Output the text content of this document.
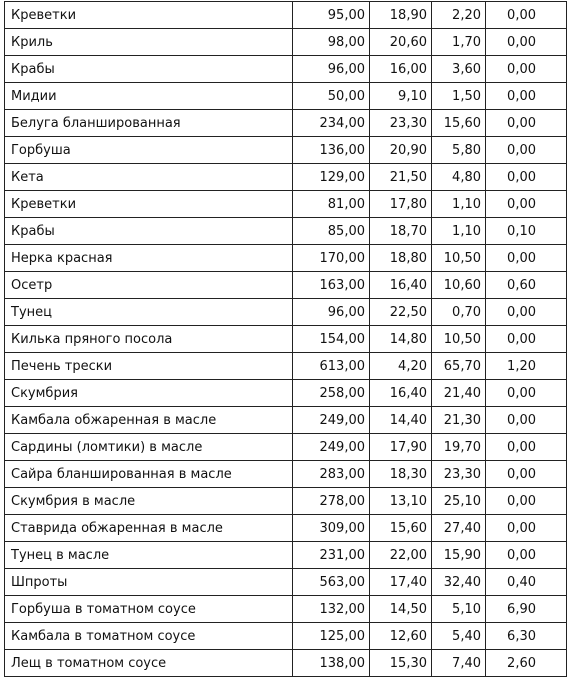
Креветки	95,00	18,90	2,20	0,00
Криль	98,00	20,60	1,70	0,00
Крабы	96,00	16,00	3,60	0,00
Мидии	50,00	9,10	1,50	0,00
Белуга бланшированная	234,00	23,30	15,60	0,00
Горбуша	136,00	20,90	5,80	0,00
Кета	129,00	21,50	4,80	0,00
Креветки	81,00	17,80	1,10	0,00
Крабы	85,00	18,70	1,10	0,10
Нерка красная	170,00	18,80	10,50	0,00
Осетр	163,00	16,40	10,60	0,60
Тунец	96,00	22,50	0,70	0,00
Килька пряного посола	154,00	14,80	10,50	0,00
Печень трески	613,00	4,20	65,70	1,20
Скумбрия	258,00	16,40	21,40	0,00
Камбала обжаренная в масле	249,00	14,40	21,30	0,00
Сардины (ломтики) в масле	249,00	17,90	19,70	0,00
Сайра бланшированная в масле	283,00	18,30	23,30	0,00
Скумбрия в масле	278,00	13,10	25,10	0,00
Ставрида обжаренная в масле	309,00	15,60	27,40	0,00
Тунец в масле	231,00	22,00	15,90	0,00
Шпроты	563,00	17,40	32,40	0,40
Горбуша в томатном соусе	132,00	14,50	5,10	6,90
Камбала в томатном соусе	125,00	12,60	5,40	6,30
Лещ в томатном соусе	138,00	15,30	7,40	2,60
